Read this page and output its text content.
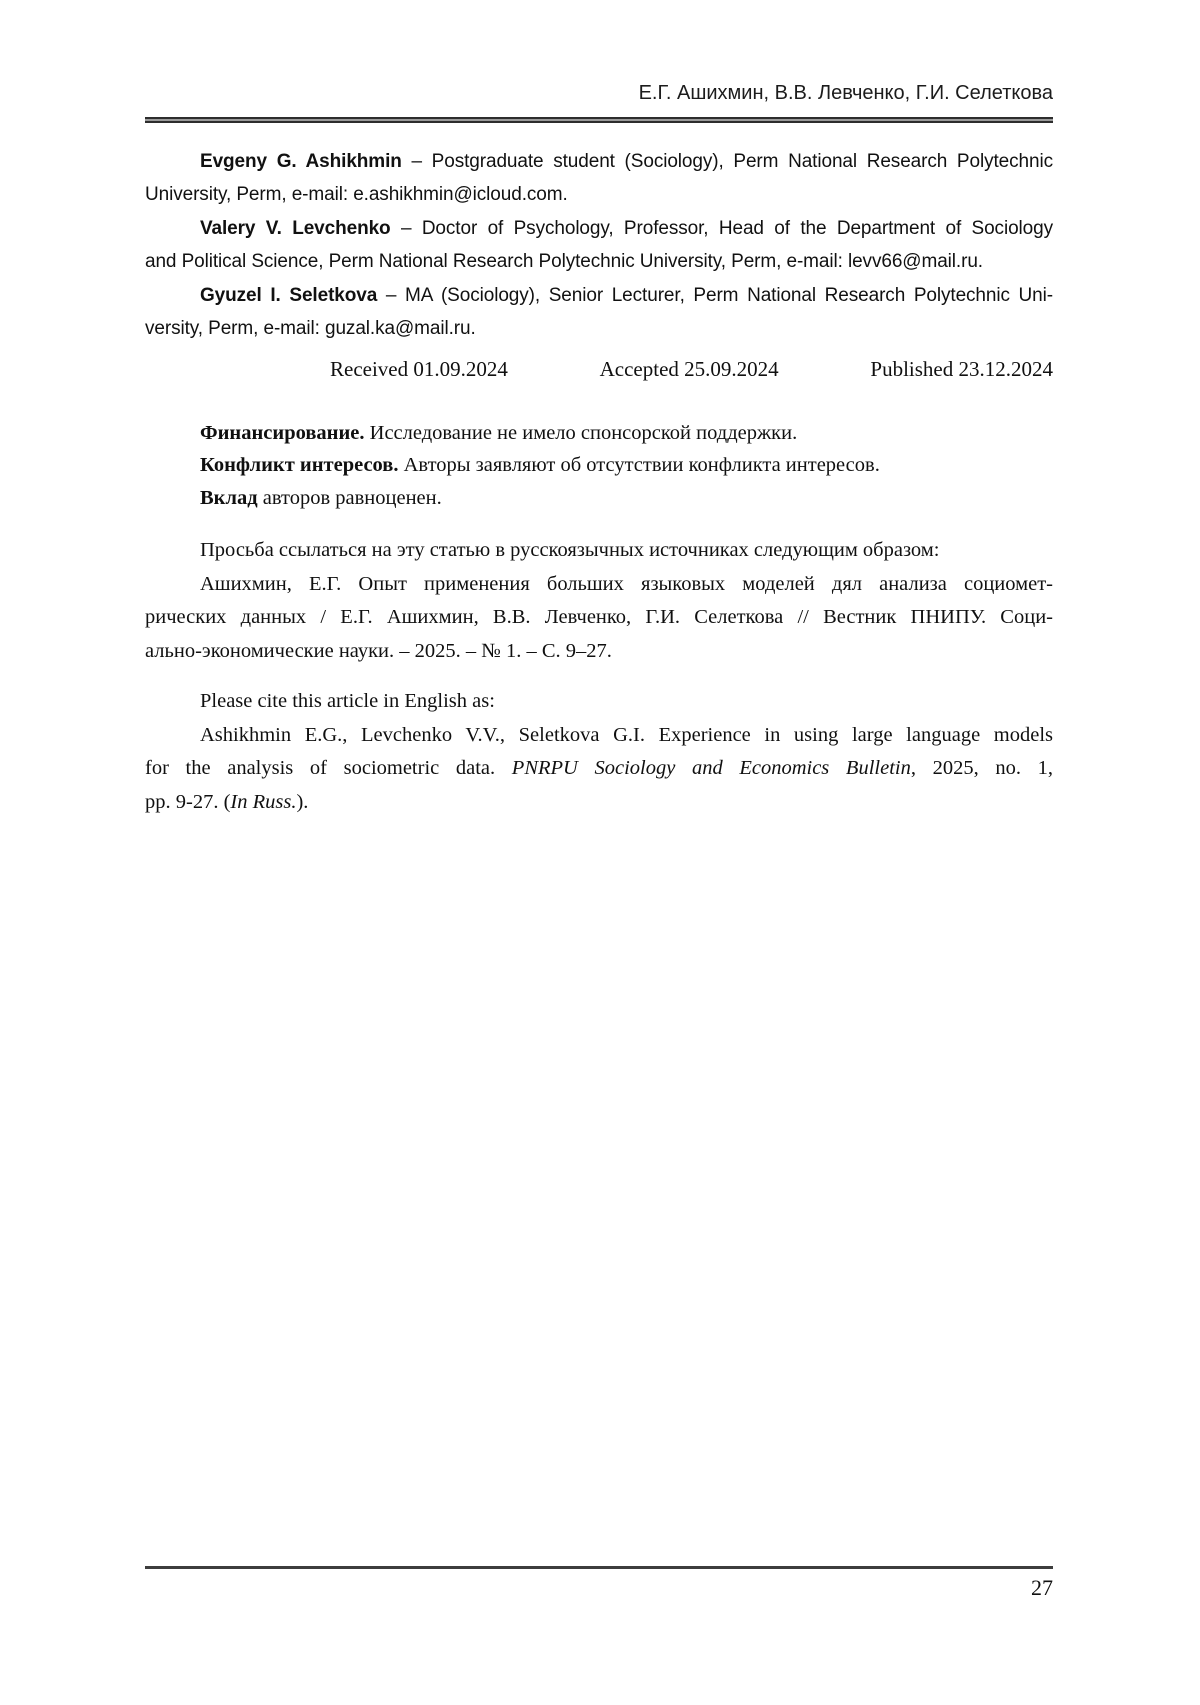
Е.Г. Ашихмин, В.В. Левченко, Г.И. Селеткова
Evgeny G. Ashikhmin – Postgraduate student (Sociology), Perm National Research Polytechnic
University, Perm, e-mail: e.ashikhmin@icloud.com.
Valery V. Levchenko – Doctor of Psychology, Professor, Head of the Department of Sociology
and Political Science, Perm National Research Polytechnic University, Perm, e-mail: levv66@mail.ru.
Gyuzel I. Seletkova – MA (Sociology), Senior Lecturer, Perm National Research Polytechnic Uni-
versity, Perm, e-mail: guzal.ka@mail.ru.
Received 01.09.2024	Accepted 25.09.2024	Published 23.12.2024
Финансирование. Исследование не имело спонсорской поддержки.
Конфликт интересов. Авторы заявляют об отсутствии конфликта интересов.
Вклад авторов равноценен.
Просьба ссылаться на эту статью в русскоязычных источниках следующим образом:
Ашихмин, Е.Г. Опыт применения больших языковых моделей дял анализа социомет-
рических данных / Е.Г. Ашихмин, В.В. Левченко, Г.И. Селеткова // Вестник ПНИПУ. Соци-
ально-экономические науки. – 2025. – № 1. – С. 9–27.
Please cite this article in English as:
Ashikhmin E.G., Levchenko V.V., Seletkova G.I. Experience in using large language models
for the analysis of sociometric data. PNRPU Sociology and Economics Bulletin, 2025, no. 1,
pp. 9-27. (In Russ.).
27
